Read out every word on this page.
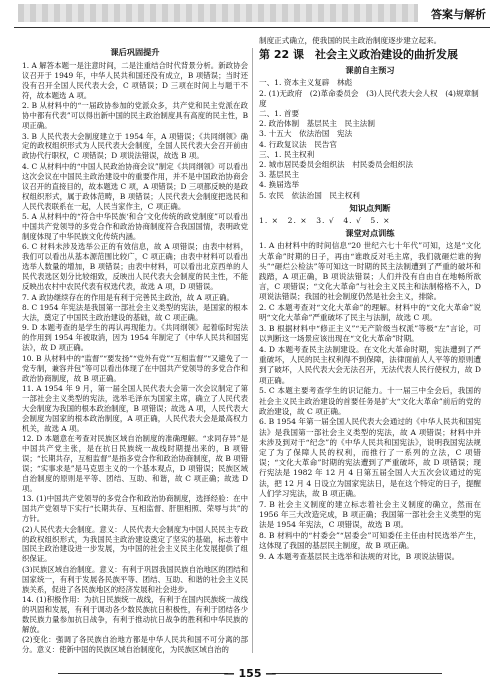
答案与解析
课后巩固提升

1. A 解答本题一是注意时间，二是注重结合时代背景分析。新政协会议召开于 1949 年，中华人民共和国还没有成立，B 项错误；当时还没有召开全国人民代表大会，C 项错误；D 三项在时间上与题干不符，故本题选 A 项。

2. B 从材料中的“一届政协参加的党派众多，共产党和民主党派在政协中都有代表”可以得出新中国的民主政治制度具有高度的民主性，B 项正确。

3. B 人民代表大会制度建立于 1954 年，A 项错误；《共同纲领》确定的政权组织形式为人民代表大会制度，全国人民代表大会召开前由政协代行职权，C 项错误；D 项说法错误，故选 B 项。

4. C 从材料中的“中国人民政治协商会议”制定《共同纲领》可以看出这次会议在中国民主政治建设中的重要作用，并不是中国政治协商会议召开的直接目的，故本题选 C 项，A 项错误；D 三项都反映的是政权组织形式，属于政体范畴，B 项错误；人民代表大会制度把选民和人民代表联系在一起，人民当家作主，C 项正确。

5. A 从材料中的“符合中华民族‘和合’文化传统的政党制度”可以看出中国共产党领导的多党合作和政治协商制度符合我国国情，表明政党制度体现了中华民族文化传统内涵。

6. C 材料未涉及选举公正的有效信息，故 A 项错误；由表中材料，我们可以看出从基本源范围比较广，C 项正确；由表中材料可以看出选举人数量的增加，B 项错误；由表中材料，可以看出北京西单的人民代表选区划分比较细致，反映出人民代表大会制度的民主性，不能反映出农村中农民代表有权选代表，故选 A 项，D 项错误。

7. A 政协继续存在的作用是有利于完善民主政治，故 A 项正确。

8. C 1954 年宪法是我国第一部社会主义类型的宪法，是国家的根本大法，奠定了中国民主政治建设的基础，故 C 项正确。

9. D 本题考查的是学生的再认再现能力。《共同纲领》起着临时宪法的作用到 1954 年被取消，因为 1954 年制定了《中华人民共和国宪法》，故 D 项正确。

10. B 从材料中的“监督”“要发扬”“党外有党”“互相监督”“又避免了一党专制，兼容并包”等可以看出体现了在中国共产党领导的多党合作和政治协商制度，故 B 项正确。

11. A 1954 年 9 月，第一届全国人民代表大会第一次会议制定了第一部社会主义类型的宪法，选举毛泽东为国家主席，确立了人民代表大会制度为我国的根本政治制度，B 项错误；故选 A 项，人民代表大会制度为国家的根本政治制度，A 项正确，人民代表大会是最高权力机关，故选 A 项。

12. D 本题意在考查对民族区域自治制度的准确理解。“求同存异”是中国共产党主张，是在抗日民族统一战线时期提出来的，B 项错误；“长期共存，互相监督”是指多党合作和政治协商制度，故 B 项错误；“实事求是”是马克思主义的一个基本观点，D 项错误；民族区域自治制度的原则是平等、团结、互助、和谐，故 C 项正确；故选 D 项。

13. (1)中国共产党领导的多党合作和政治协商制度，选择经验：在中国共产党领导下实行“长期共存、互相监督、肝胆相照、荣辱与共”的方针。

(2)人民代表大会制度。意义：人民代表大会制度为中国人民民主专政的政权组织形式，为我国民主政治建设奠定了坚实的基础，标志着中国民主政治建设进一步发展，为中国的社会主义民主化发展提供了组织保证。

(3)民族区域自治制度。意义：有利于巩固我国民族自治地区的团结和国家统一，有利于发展各民族平等、团结、互助、和谐的社会主义民族关系，促进了各民族地区的经济发展和社会进步。

14. (1)积极作用：为抗日民族统一战线，有利于在国内民族统一战线的巩固和发展，有利于调动各少数民族抗日积极性，有利于团结各少数民族力量参加抗日战争，有利于推动抗日战争的胜利和中华民族的解放。

(2)变化：强调了各民族自治地方都是中华人民共和国不可分离的部分。意义：使新中国的民族区域自治制度化，为民族区域自治的

制度正式确立，使我国的民主政治制度逐步建立起来。

第 22 课　社会主义政治建设的曲折发展
课前自主预习

一、1. 资本主义复辟　林彪

2. (1)无政府　(2)革命委员会　(3)人民代表大会人权　(4)规章制度

二、1. 首要

2. 政治体制　基层民主　民主法制

3. 十五大　依法治国　宪法

4. 行政复议法　民告官

三、1. 民主权利

2. 城市居民委员会组织法　村民委员会组织法

3. 基层民主

4. 换届选举

5. 农民　依法治国　民主权利

知识点判断

1. ×　2. ×　3. √　4. √　5. ×

课堂对点训练

1. A 由材料中的时间信息“20 世纪六七十年代”可知，这是“文化大革命”时期的日子，再由“谁敢反对毛主席，我们就砸烂谁的狗头”“砸烂公检法”等可知这一时期的民主法制遭到了严重的破坏和践踏，A 项正确，B 项说法错误；人们并没有自由自在地畅所欲言，C 项错误；“文化大革命”与社会主义民主和法制格格不入，D 项说法错误；我国的社会制度仍然是社会主义，排除。

2. C 本题考查对“文化大革命”的理解。材料中的“文化大革命”说明“文化大革命”严重破坏了民主与法制，故选 C 项。

3. B 根据材料中“修正主义”“无产阶级当权派”等极“左”言论，可以判断这一场景应该出现在“文化大革命”时期。

4. D 本题考查民主法制建设。在文化大革命时期，宪法遭到了严重破坏，人民的民主权利得不到保障，法律面前人人平等的原则遭到了破坏，人民代表大会无法召开，无法代表人民行使权力，故 D 项正确。

5. C 本题主要考查学生的识记能力。十一届三中全会后，我国的社会主义民主政治建设的首要任务是扩大“文化大革命”前后的党的政治建设，故 C 项正确。

6. B 1954 年第一届全国人民代表大会通过的《中华人民共和国宪法》是我国第一部社会主义类型的宪法，故 A 项错误；材料中并未涉及到对于“纪念”的《中华人民共和国宪法》，说明我国宪法规定了为了保障人民的权利，而推行了一系列的立法，C 项错误；“文化大革命”时期的宪法遭到了严重破坏，故 D 项错误；现行宪法是 1982 年 12 月 4 日第五届全国人大五次会议通过的宪法，把 12 月 4 日设立为国家宪法日，是在这个特定的日子，提醒人们学习宪法，故 B 项正确。

7. B 社会主义制度的建立标志着社会主义制度的确立，然而在 1956 年三大改造完成，B 项正确；我国第一部社会主义类型的宪法是 1954 年宪法，C 项错误，故选 B 项。

8. B 材料中的“村委会”“居委会”可知委任主任由村民选举产生，这体现了我国的基层民主制度，故 B 项正确。

9. A 本题考查基层民主选举和法规的对比，B 项说法错误。

— 155 —
